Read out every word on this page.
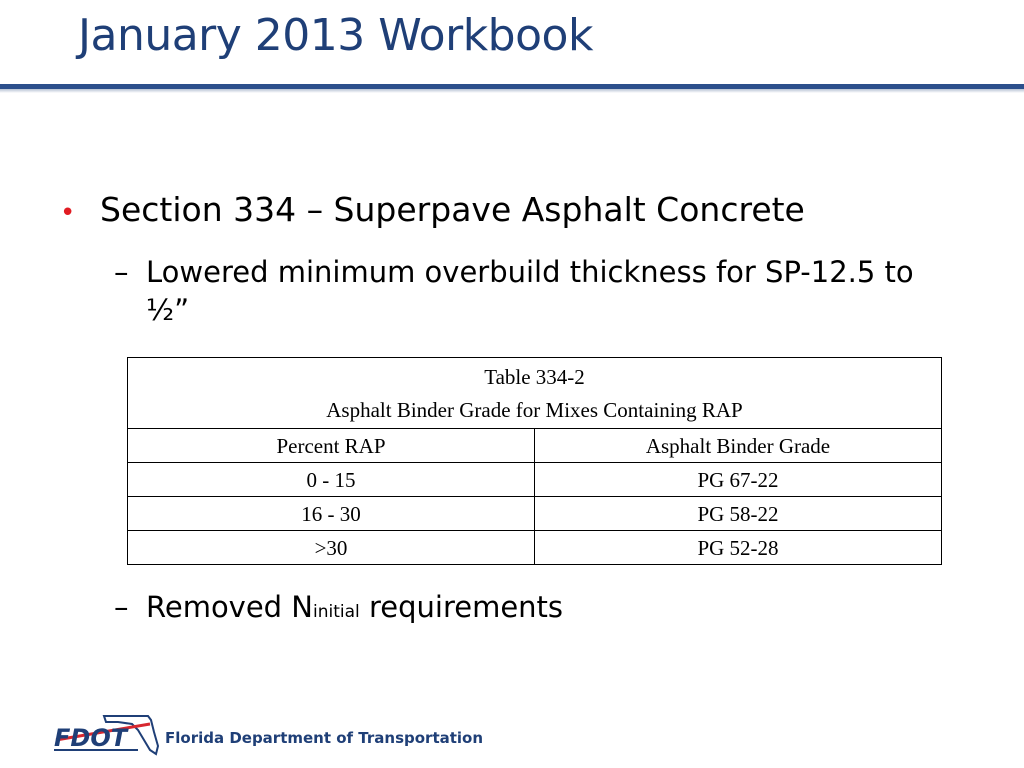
January 2013 Workbook
• Section 334 – Superpave Asphalt Concrete
– Lowered minimum overbuild thickness for SP-12.5 to ½”
Table 334-2
Asphalt Binder Grade for Mixes Containing RAP	

Percent RAP	Asphalt Binder Grade
0 - 15	PG 67-22
16 - 30	PG 58-22
>30	PG 52-28
– Removed Ninitial requirements
FDOT	Florida Department of Transportation
